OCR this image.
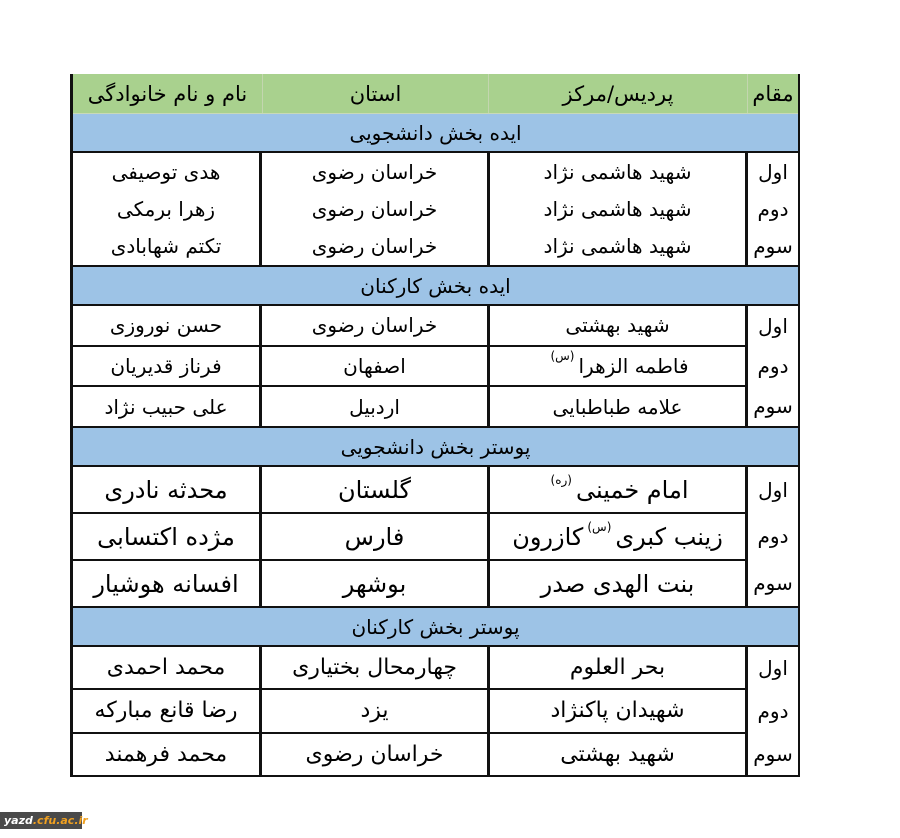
مقام
پردیس/مرکز
استان
نام و نام خانوادگی
ایده بخش دانشجویی
اول
دوم
سوم
شهید هاشمی نژاد
خراسان رضوی
هدی توصیفی
شهید هاشمی نژاد
خراسان رضوی
زهرا برمکی
شهید هاشمی نژاد
خراسان رضوی
تکتم شهابادی
ایده بخش کارکنان
اول
دوم
سوم
شهید بهشتی
خراسان رضوی
حسن نوروزی
فاطمه الزهرا
(س)
اصفهان
فرناز قدیریان
علامه طباطبایی
اردبیل
علی حبیب نژاد
پوستر بخش دانشجویی
اول
دوم
سوم
امام خمینی
(ره)
گلستان
محدثه نادری
زینب کبری
(س)
کازرون
فارس
مژده اکتسابی
بنت الهدی صدر
بوشهر
افسانه هوشیار
پوستر بخش کارکنان
اول
دوم
سوم
بحر العلوم
چهارمحال بختیاری
محمد احمدی
شهیدان پاکنژاد
یزد
رضا قانع مبارکه
شهید بهشتی
خراسان رضوی
محمد فرهمند
yazd.cfu.ac.ir
